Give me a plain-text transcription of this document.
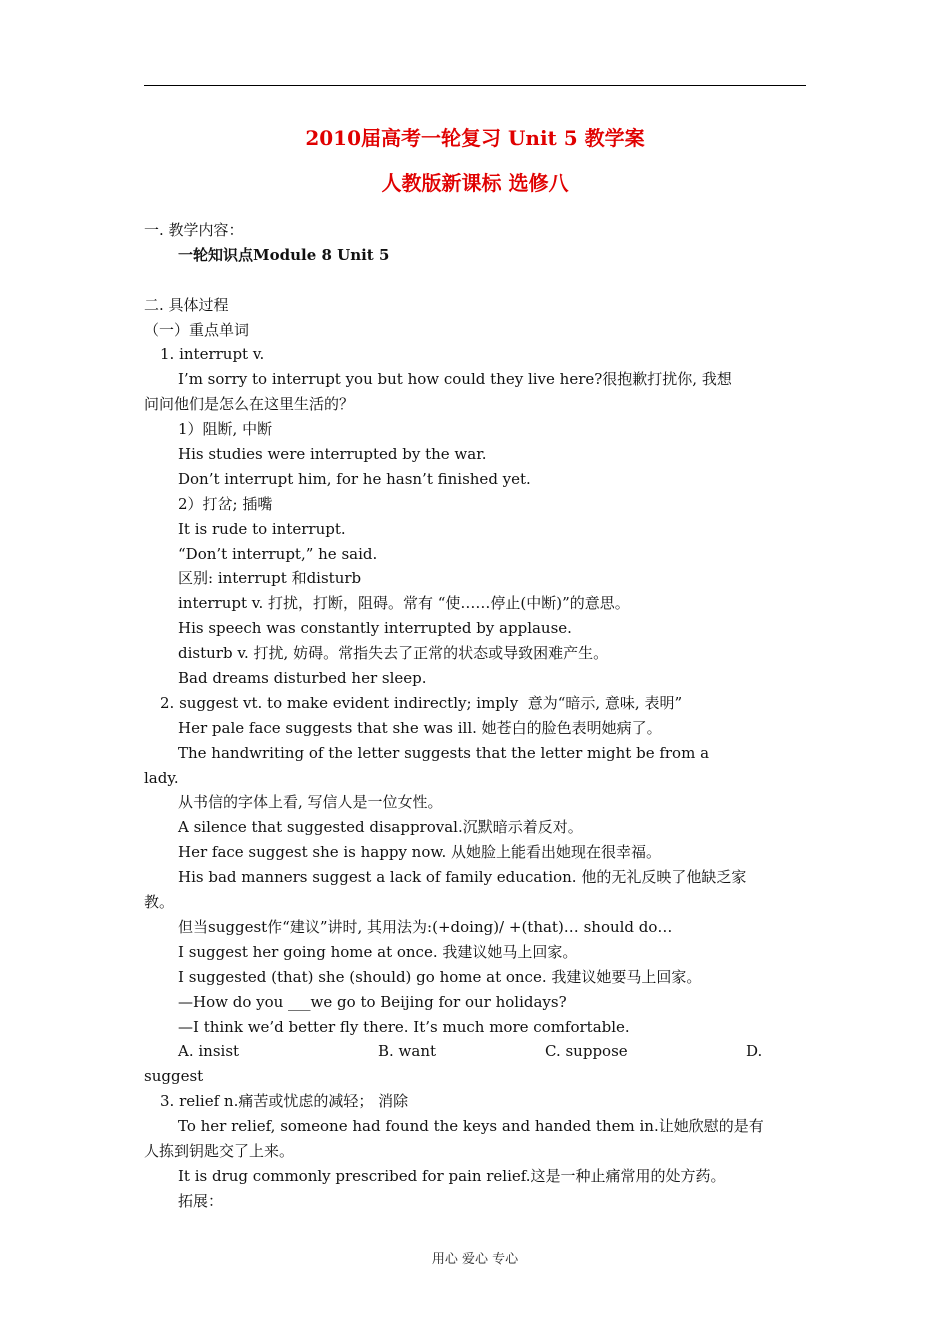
2010届高考一轮复习 Unit 5 教学案
人教版新课标 选修八
一. 教学内容：
一轮知识点Module 8 Unit 5
二. 具体过程
（一）重点单词
1. interrupt v.
I’m sorry to interrupt you but how could they live here?很抱歉打扰你, 我想
问问他们是怎么在这里生活的？
1）阻断, 中断
His studies were interrupted by the war.
Don’t interrupt him, for he hasn’t finished yet.
2）打岔; 插嘴
It is rude to interrupt.
“Don’t interrupt,” he said.
区别: interrupt 和disturb
interrupt v. 打扰，打断，阻碍。常有 “使……停止(中断)”的意思。
His speech was constantly interrupted by applause.
disturb v. 打扰, 妨碍。常指失去了正常的状态或导致困难产生。
Bad dreams disturbed her sleep.
2. suggest vt. to make evident indirectly; imply  意为“暗示, 意味, 表明”
Her pale face suggests that she was ill. 她苍白的脸色表明她病了。
The handwriting of the letter suggests that the letter might be from a
lady.
从书信的字体上看, 写信人是一位女性。
A silence that suggested disapproval.沉默暗示着反对。
Her face suggest she is happy now. 从她脸上能看出她现在很幸福。
His bad manners suggest a lack of family education. 他的无礼反映了他缺乏家
教。
但当suggest作“建议”讲时, 其用法为:(+doing)/ +(that)… should do…
I suggest her going home at once. 我建议她马上回家。
I suggested (that) she (should) go home at once. 我建议她要马上回家。
—How do you ___we go to Beijing for our holidays?
—I think we’d better fly there. It’s much more comfortable.
A. insist	B. want	C. suppose	D.
suggest
3. relief n.痛苦或忧虑的减轻； 消除
To her relief, someone had found the keys and handed them in.让她欣慰的是有
人拣到钥匙交了上来。
It is drug commonly prescribed for pain relief.这是一种止痛常用的处方药。
拓展：
用心 爱心 专心
